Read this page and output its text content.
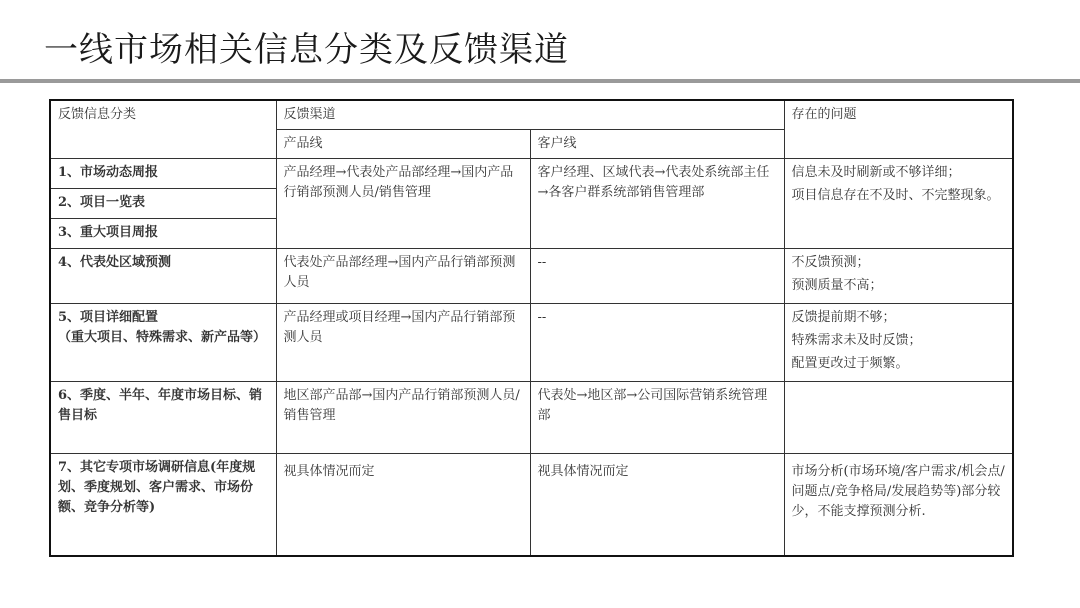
一线市场相关信息分类及反馈渠道
反馈信息分类	反馈渠道		存在的问题
	产品线	客户线	
1、市场动态周报	产品经理→代表处产品部经理→国内产品行销部预测人员/销售管理	客户经理、区域代表→代表处系统部主任→各客户群系统部销售管理部	信息未及时刷新或不够详细；
项目信息存在不及时、不完整现象。

2、项目一览表			
3、重大项目周报			
4、代表处区域预测	代表处产品部经理→国内产品行销部预测人员	--	不反馈预测；
预测质量不高；

5、项目详细配置
（重大项目、特殊需求、新产品等）	产品经理或项目经理→国内产品行销部预测人员	--	反馈提前期不够；
特殊需求未及时反馈；
配置更改过于频繁。

6、季度、半年、年度市场目标、销售目标	地区部产品部→国内产品行销部预测人员/销售管理	代表处→地区部→公司国际营销系统管理部	
7、其它专项市场调研信息(年度规划、季度规划、客户需求、市场份额、竞争分析等)	视具体情况而定	视具体情况而定	市场分析(市场环境/客户需求/机会点/问题点/竞争格局/发展趋势等)部分较少，不能支撑预测分析.
